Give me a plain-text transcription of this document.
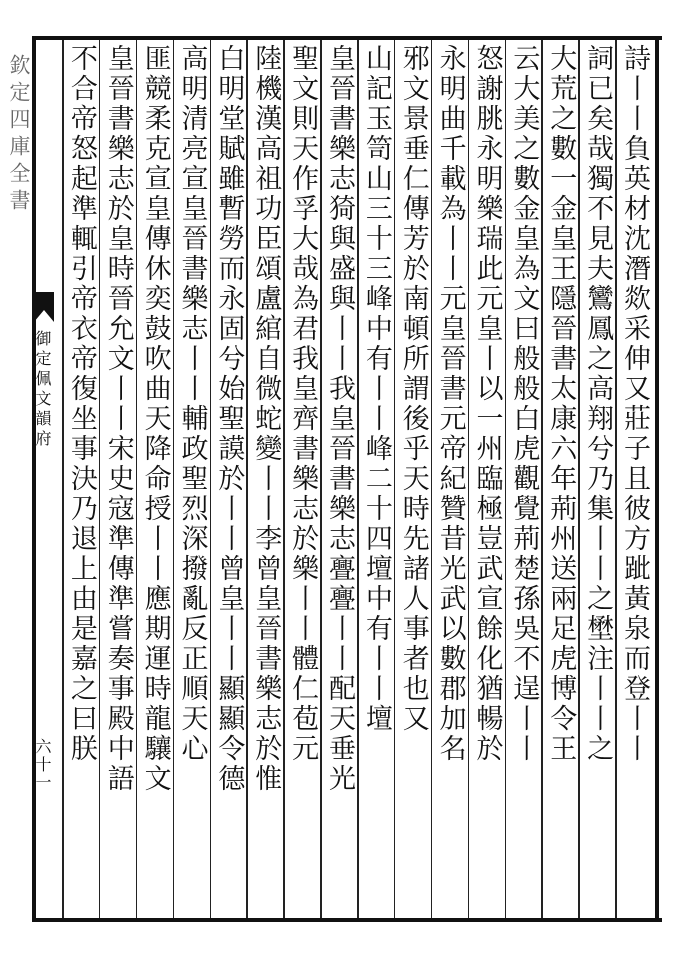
欽定四庫全書
御定佩文韻府
六十一
詩丨丨負英材沈潛欻采伸又莊子且彼方跐黃泉而登丨丨
詞已矣哉獨不見夫鸞鳳之高翔兮乃集丨丨之壄注丨丨之
大荒之數一金皇王隱晉書太康六年荊州送兩足虎博令王
云大美之數金皇為文曰般般白虎觀覺荊楚孫吳不逞丨丨
怒謝朓永明樂瑞此元皇丨以一州臨極豈武宣餘化猶暢於
永明曲千載為丨丨元皇晉書元帝紀贊昔光武以數郡加名
邪文景垂仁傳芳於南頓所謂後乎天時先諸人事者也又
山記玉笥山三十三峰中有丨丨峰二十四壇中有丨丨壇
皇晉書樂志猗與盛與丨丨我皇晉書樂志亹亹丨丨配天垂光
聖文則天作孚大哉為君我皇齊書樂志於樂丨丨體仁苞元
陸機漢高祖功臣頌盧綰自微蛇變丨丨李曾皇晉書樂志於惟
白明堂賦雖暫勞而永固兮始聖謨於丨丨曾皇丨丨顯顯令德
高明清亮宣皇晉書樂志丨丨輔政聖烈深撥亂反正順天心
匪競柔克宣皇傳休奕鼓吹曲天降命授丨丨應期運時龍驤文
皇晉書樂志於皇時晉允文丨丨宋史寇準傳準嘗奏事殿中語
不合帝怒起準輒引帝衣帝復坐事決乃退上由是嘉之曰朕
